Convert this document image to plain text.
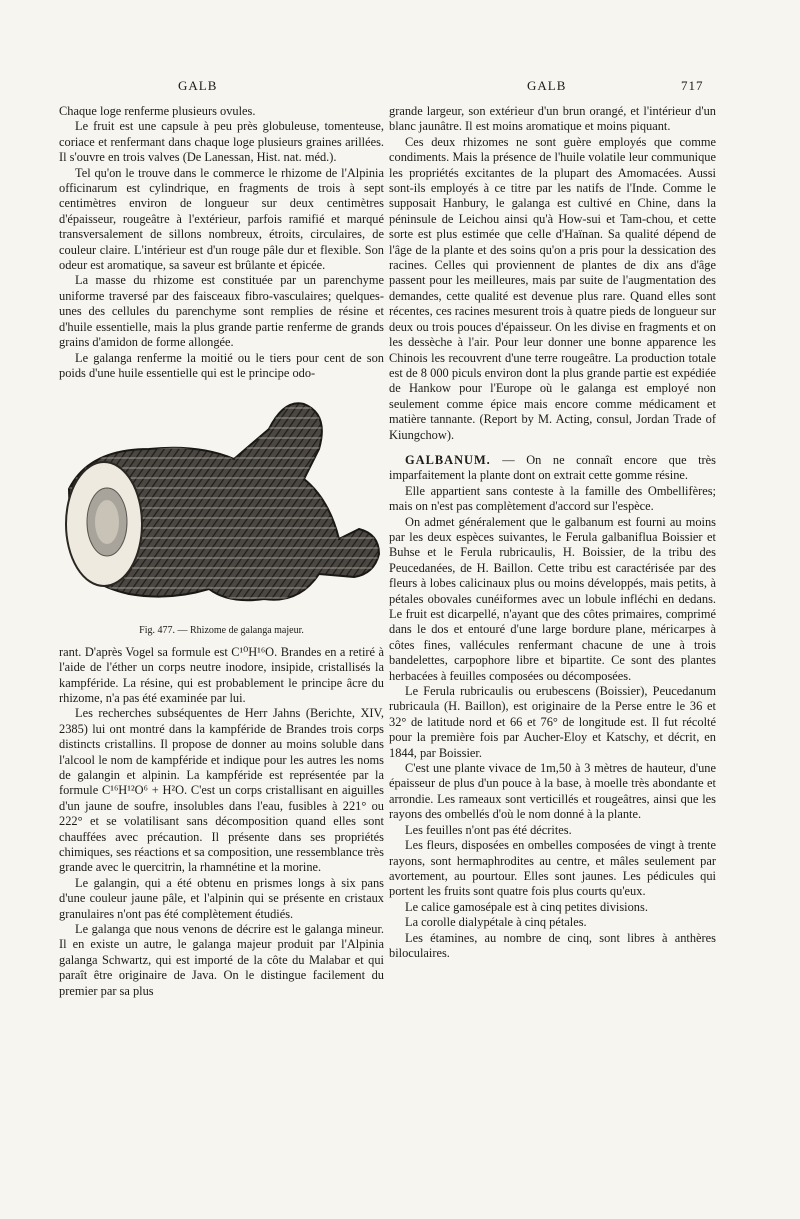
GALB	GALB	717

Chaque loge renferme plusieurs ovules.

Le fruit est une capsule à peu près globuleuse, tomenteuse, coriace et renfermant dans chaque loge plusieurs graines arillées. Il s'ouvre en trois valves (De Lanessan, Hist. nat. méd.).

Tel qu'on le trouve dans le commerce le rhizome de l'Alpinia officinarum est cylindrique, en fragments de trois à sept centimètres environ de longueur sur deux centimètres d'épaisseur, rougeâtre à l'extérieur, parfois ramifié et marqué transversalement de sillons nombreux, étroits, circulaires, de couleur claire. L'intérieur est d'un rouge pâle dur et flexible. Son odeur est aromatique, sa saveur est brûlante et épicée.

La masse du rhizome est constituée par un parenchyme uniforme traversé par des faisceaux fibro-vasculaires; quelques-unes des cellules du parenchyme sont remplies de résine et d'huile essentielle, mais la plus grande partie renferme de grands grains d'amidon de forme allongée.

Le galanga renferme la moitié ou le tiers pour cent de son poids d'une huile essentielle qui est le principe odo-

Fig. 477. — Rhizome de galanga majeur.

rant. D'après Vogel sa formule est C¹⁰H¹⁶O. Brandes en a retiré à l'aide de l'éther un corps neutre inodore, insipide, cristallisés la kampféride. La résine, qui est probablement le principe âcre du rhizome, n'a pas été examinée par lui.

Les recherches subséquentes de Herr Jahns (Berichte, XIV, 2385) lui ont montré dans la kampféride de Brandes trois corps distincts cristallins. Il propose de donner au moins soluble dans l'alcool le nom de kampféride et indique pour les autres les noms de galangin et alpinin. La kampféride est représentée par la formule C¹⁶H¹²O⁶ + H²O. C'est un corps cristallisant en aiguilles d'un jaune de soufre, insolubles dans l'eau, fusibles à 221° ou 222° et se volatilisant sans décomposition quand elles sont chauffées avec précaution. Il présente dans ses propriétés chimiques, ses réactions et sa composition, une ressemblance très grande avec le quercitrin, la rhamnétine et la morine.

Le galangin, qui a été obtenu en prismes longs à six pans d'une couleur jaune pâle, et l'alpinin qui se présente en cristaux granulaires n'ont pas été complètement étudiés.

Le galanga que nous venons de décrire est le galanga mineur. Il en existe un autre, le galanga majeur produit par l'Alpinia galanga Schwartz, qui est importé de la côte du Malabar et qui paraît être originaire de Java. On le distingue facilement du premier par sa plus

grande largeur, son extérieur d'un brun orangé, et l'intérieur d'un blanc jaunâtre. Il est moins aromatique et moins piquant.

Ces deux rhizomes ne sont guère employés que comme condiments. Mais la présence de l'huile volatile leur communique les propriétés excitantes de la plupart des Amomacées. Aussi sont-ils employés à ce titre par les natifs de l'Inde. Comme le supposait Hanbury, le galanga est cultivé en Chine, dans la péninsule de Leichou ainsi qu'à How-sui et Tam-chou, et cette sorte est plus estimée que celle d'Haïnan. Sa qualité dépend de l'âge de la plante et des soins qu'on a pris pour la dessication des racines. Celles qui proviennent de plantes de dix ans d'âge passent pour les meilleures, mais par suite de l'augmentation des demandes, cette qualité est devenue plus rare. Quand elles sont récentes, ces racines mesurent trois à quatre pieds de longueur sur deux ou trois pouces d'épaisseur. On les divise en fragments et on les dessèche à l'air. Pour leur donner une bonne apparence les Chinois les recouvrent d'une terre rougeâtre. La production totale est de 8 000 piculs environ dont la plus grande partie est expédiée de Hankow pour l'Europe où le galanga est employé non seulement comme épice mais encore comme médicament et matière tannante. (Report by M. Acting, consul, Jordan Trade of Kiungchow).

GALBANUM. — On ne connaît encore que très imparfaitement la plante dont on extrait cette gomme résine.

Elle appartient sans conteste à la famille des Ombellifères; mais on n'est pas complètement d'accord sur l'espèce.

On admet généralement que le galbanum est fourni au moins par les deux espèces suivantes, le Ferula galbaniflua Boissier et Buhse et le Ferula rubricaulis, H. Boissier, de la tribu des Peucedanées, de H. Baillon. Cette tribu est caractérisée par des fleurs à lobes calicinaux plus ou moins développés, mais petits, à pétales obovales cunéiformes avec un lobule infléchi en dedans. Le fruit est dicarpellé, n'ayant que des côtes primaires, comprimé dans le dos et entouré d'une large bordure plane, méricarpes à côtes fines, vallécules renfermant chacune de une à trois bandelettes, carpophore libre et bipartite. Ce sont des plantes herbacées à feuilles composées ou décomposées.

Le Ferula rubricaulis ou erubescens (Boissier), Peucedanum rubricaula (H. Baillon), est originaire de la Perse entre le 36 et 32° de latitude nord et 66 et 76° de longitude est. Il fut récolté pour la première fois par Aucher-Eloy et Katschy, et décrit, en 1844, par Boissier.

C'est une plante vivace de 1m,50 à 3 mètres de hauteur, d'une épaisseur de plus d'un pouce à la base, à moelle très abondante et arrondie. Les rameaux sont verticillés et rougeâtres, ainsi que les rayons des ombellés d'où le nom donné à la plante.

Les feuilles n'ont pas été décrites.

Les fleurs, disposées en ombelles composées de vingt à trente rayons, sont hermaphrodites au centre, et mâles seulement par avortement, au pourtour. Elles sont jaunes. Les pédicules qui portent les fruits sont quatre fois plus courts qu'eux.

Le calice gamosépale est à cinq petites divisions.

La corolle dialypétale à cinq pétales.

Les étamines, au nombre de cinq, sont libres à anthères biloculaires.
